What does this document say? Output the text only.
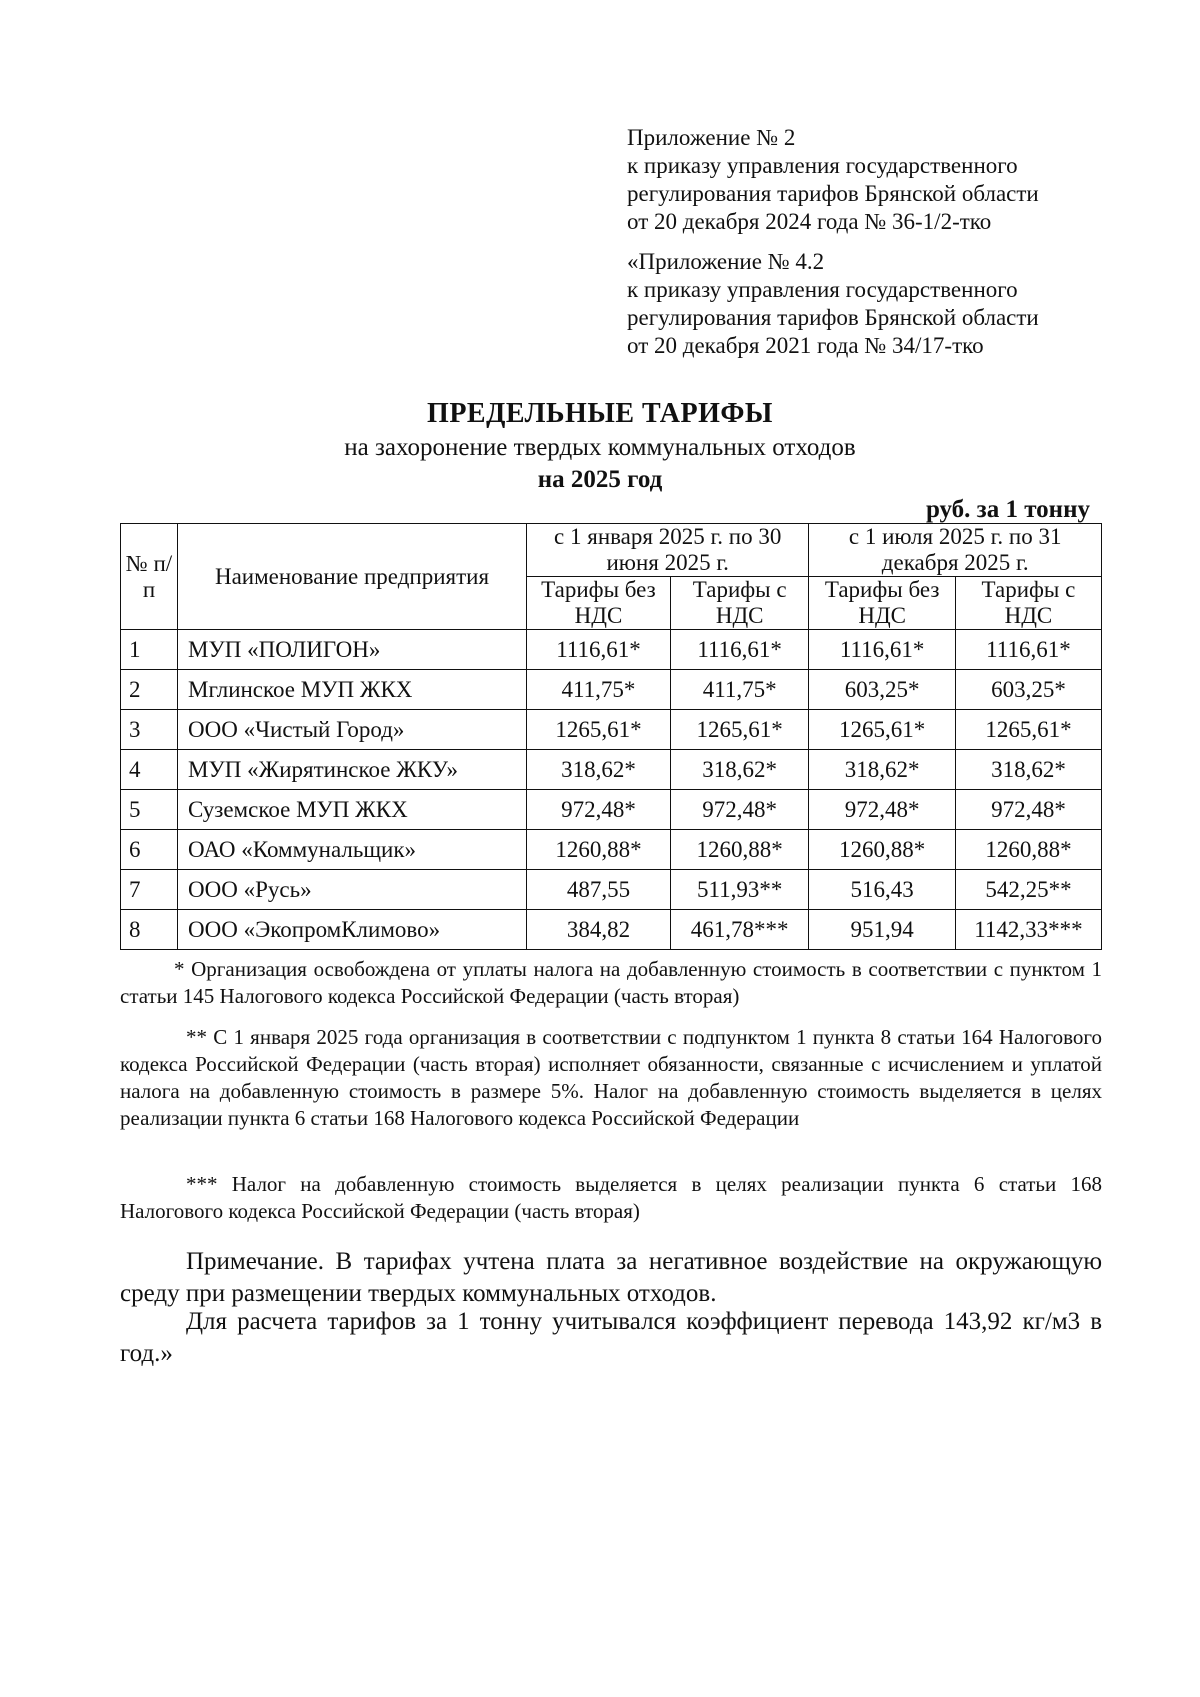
Приложение № 2
к приказу управления государственного
регулирования тарифов Брянской области
от 20 декабря 2024 года № 36-1/2-тко
«Приложение № 4.2
к приказу управления государственного
регулирования тарифов Брянской области
от 20 декабря 2021 года № 34/17-тко
ПРЕДЕЛЬНЫЕ ТАРИФЫ
на захоронение твердых коммунальных отходов
на 2025 год
руб. за 1 тонну
№ п/п	Наименование предприятия	с 1 января 2025 г. по 30 июня 2025 г.		с 1 июля 2025 г. по 31 декабря 2025 г.	
		Тарифы без НДС	Тарифы с НДС	Тарифы без НДС	Тарифы с НДС
1	МУП «ПОЛИГОН»	1116,61*	1116,61*	1116,61*	1116,61*
2	Мглинское МУП ЖКХ	411,75*	411,75*	603,25*	603,25*
3	ООО «Чистый Город»	1265,61*	1265,61*	1265,61*	1265,61*
4	МУП «Жирятинское ЖКУ»	318,62*	318,62*	318,62*	318,62*
5	Суземское МУП ЖКХ	972,48*	972,48*	972,48*	972,48*
6	ОАО «Коммунальщик»	1260,88*	1260,88*	1260,88*	1260,88*
7	ООО «Русь»	487,55	511,93**	516,43	542,25**
8	ООО «ЭкопромКлимово»	384,82	461,78***	951,94	1142,33***
* Организация освобождена от уплаты налога на добавленную стоимость в соответствии с пунктом 1 статьи 145 Налогового кодекса Российской Федерации (часть вторая)
** С 1 января 2025 года организация в соответствии с подпунктом 1 пункта 8 статьи 164 Налогового кодекса Российской Федерации (часть вторая) исполняет обязанности, связанные с исчислением и уплатой налога на добавленную стоимость в размере 5%. Налог на добавленную стоимость выделяется в целях реализации пункта 6 статьи 168 Налогового кодекса Российской Федерации
*** Налог на добавленную стоимость выделяется в целях реализации пункта 6 статьи 168 Налогового кодекса Российской Федерации (часть вторая)
Примечание. В тарифах учтена плата за негативное воздействие на окружающую среду при размещении твердых коммунальных отходов.
Для расчета тарифов за 1 тонну учитывался коэффициент перевода 143,92 кг/м3 в год.»
